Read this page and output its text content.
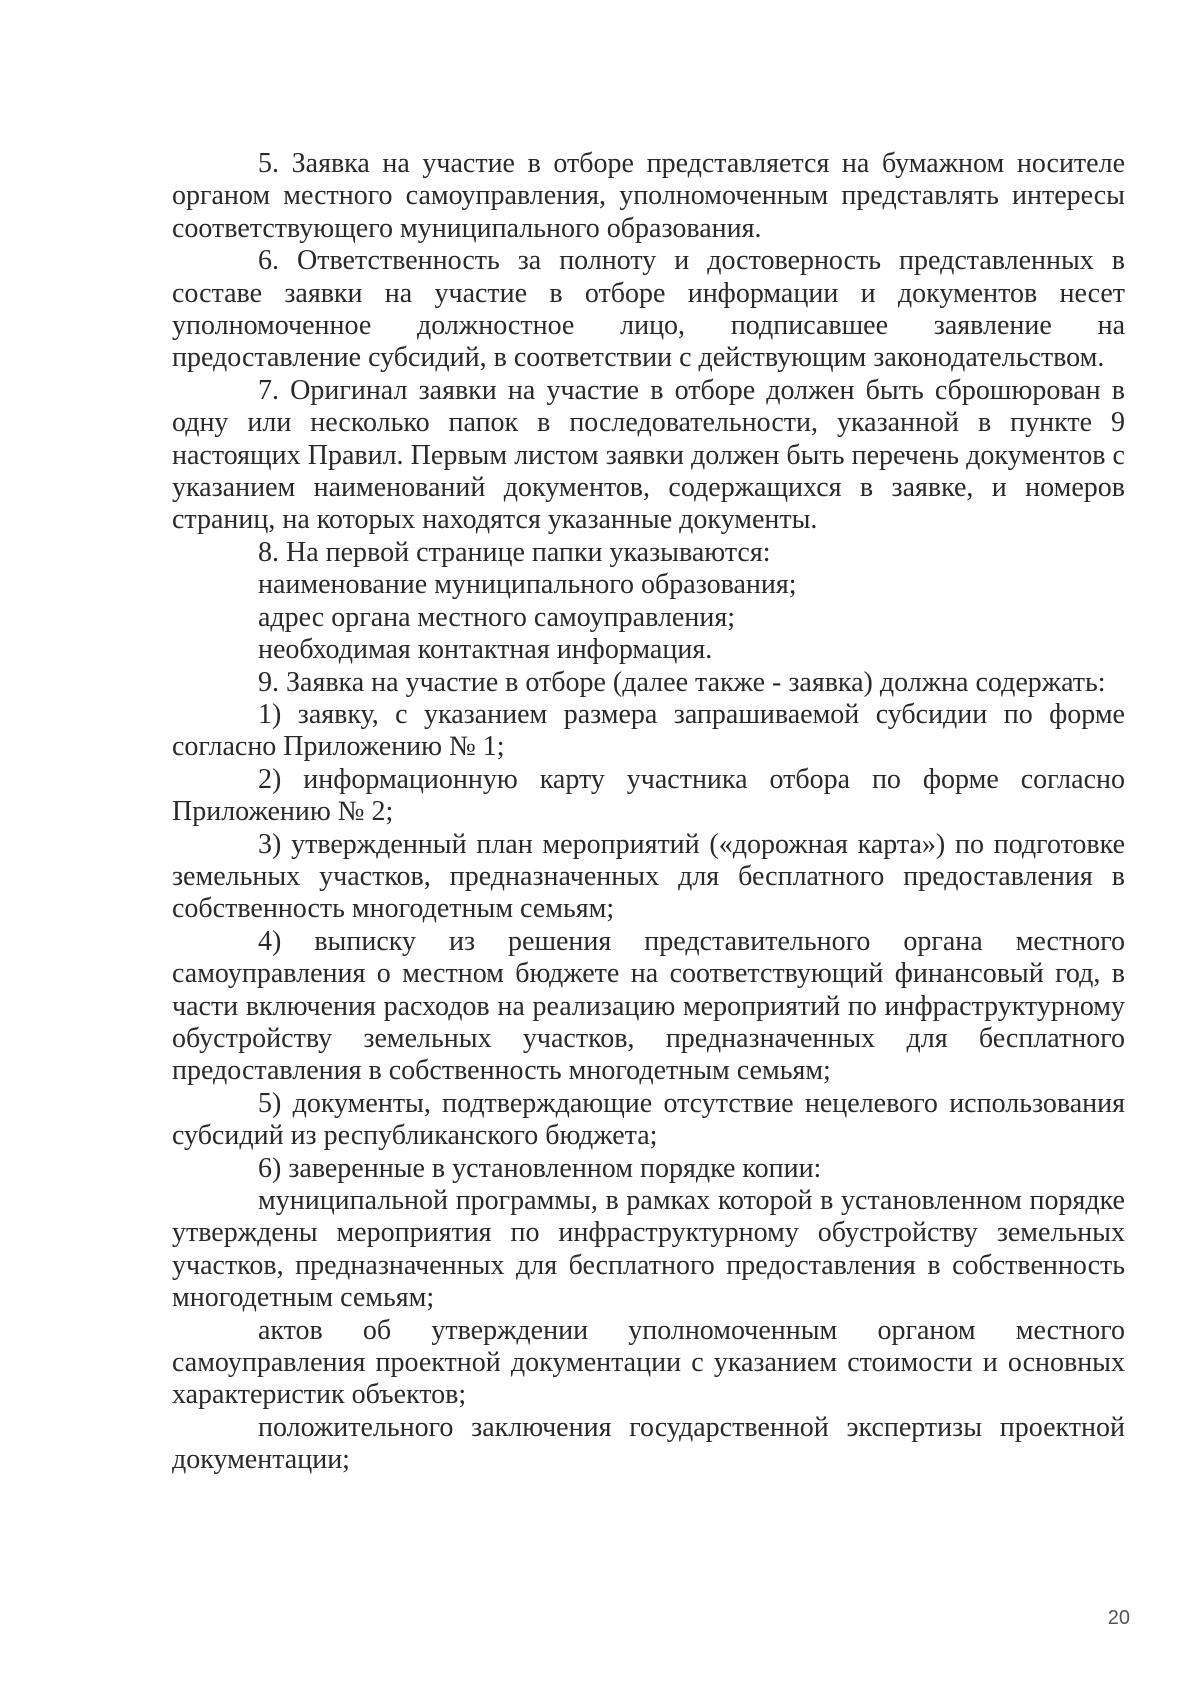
5. Заявка на участие в отборе представляется на бумажном носителе органом местного самоуправления, уполномоченным представлять интересы соответствующего муниципального образования.

6. Ответственность за полноту и достоверность представленных в составе заявки на участие в отборе информации и документов несет уполномоченное должностное лицо, подписавшее заявление на предоставление субсидий, в соответствии с действующим законодательством.

7. Оригинал заявки на участие в отборе должен быть сброшюрован в одну или несколько папок в последовательности, указанной в пункте 9 настоящих Правил. Первым листом заявки должен быть перечень документов с указанием наименований документов, содержащихся в заявке, и номеров страниц, на которых находятся указанные документы.

8. На первой странице папки указываются:

наименование муниципального образования;

адрес органа местного самоуправления;

необходимая контактная информация.

9. Заявка на участие в отборе (далее также - заявка) должна содержать:

1) заявку, с указанием размера запрашиваемой субсидии по форме согласно Приложению № 1;

2) информационную карту участника отбора по форме согласно Приложению № 2;

3) утвержденный план мероприятий («дорожная карта») по подготовке земельных участков, предназначенных для бесплатного предоставления в собственность многодетным семьям;

4) выписку из решения представительного органа местного самоуправления о местном бюджете на соответствующий финансовый год, в части включения расходов на реализацию мероприятий по инфраструктурному обустройству земельных участков, предназначенных для бесплатного предоставления в собственность многодетным семьям;

5) документы, подтверждающие отсутствие нецелевого использования субсидий из республиканского бюджета;

6) заверенные в установленном порядке копии:

муниципальной программы, в рамках которой в установленном порядке утверждены мероприятия по инфраструктурному обустройству земельных участков, предназначенных для бесплатного предоставления в собственность многодетным семьям;

актов об утверждении уполномоченным органом местного самоуправления проектной документации с указанием стоимости и основных характеристик объектов;

положительного заключения государственной экспертизы проектной документации;

20
